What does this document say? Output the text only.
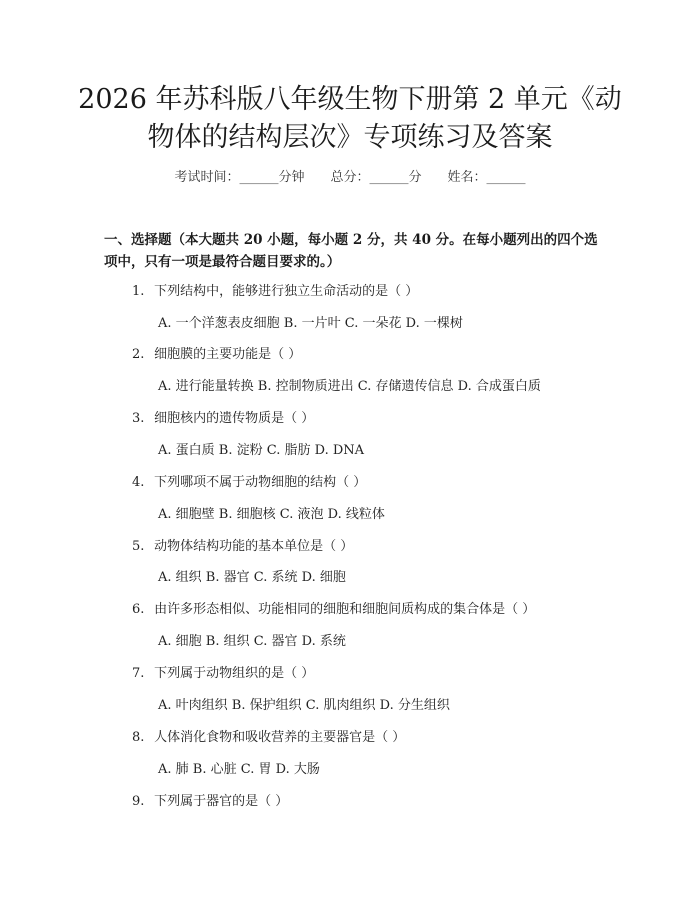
2026 年苏科版八年级生物下册第 2 单元《动
物体的结构层次》专项练习及答案
考试时间：______分钟　　总分：______分　　姓名：______
一、选择题（本大题共 20 小题，每小题 2 分，共 40 分。在每小题列出的四个选
项中，只有一项是最符合题目要求的。）
1. 下列结构中，能够进行独立生命活动的是（ ）
A. 一个洋葱表皮细胞 B. 一片叶 C. 一朵花 D. 一棵树
2. 细胞膜的主要功能是（ ）
A. 进行能量转换 B. 控制物质进出 C. 存储遗传信息 D. 合成蛋白质
3. 细胞核内的遗传物质是（ ）
A. 蛋白质 B. 淀粉 C. 脂肪 D. DNA
4. 下列哪项不属于动物细胞的结构（ ）
A. 细胞壁 B. 细胞核 C. 液泡 D. 线粒体
5. 动物体结构功能的基本单位是（ ）
A. 组织 B. 器官 C. 系统 D. 细胞
6. 由许多形态相似、功能相同的细胞和细胞间质构成的集合体是（ ）
A. 细胞 B. 组织 C. 器官 D. 系统
7. 下列属于动物组织的是（ ）
A. 叶肉组织 B. 保护组织 C. 肌肉组织 D. 分生组织
8. 人体消化食物和吸收营养的主要器官是（ ）
A. 肺 B. 心脏 C. 胃 D. 大肠
9. 下列属于器官的是（ ）
